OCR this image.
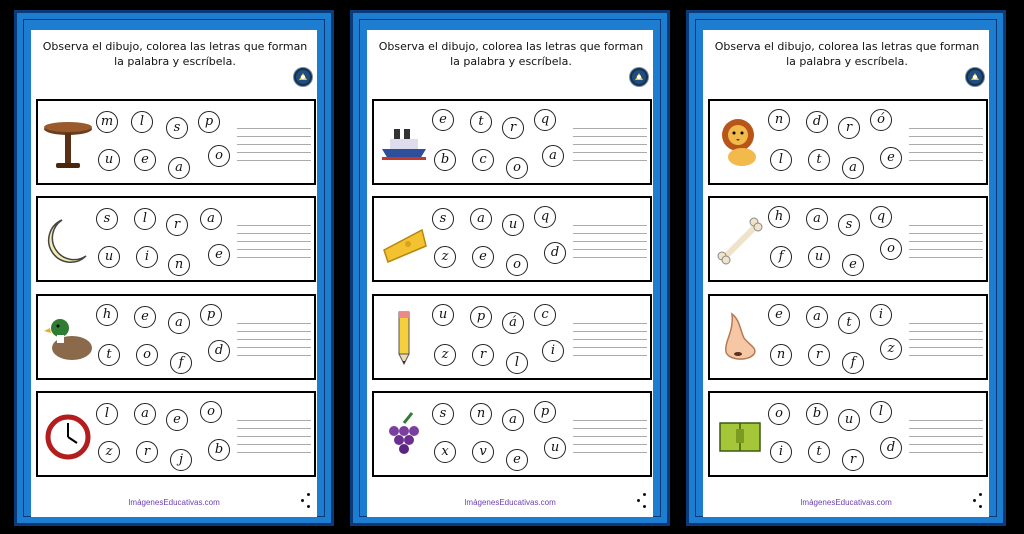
Observa el dibujo, colorea las letras que forman la palabra y escríbela.
m	l	s	p
u	e
a
o
s	l	r	a
u	i
n
e
h	e	a
p
t	o
f
d
l	a	e
o
z	r
j
b
ImágenesEducativas.com
Observa el dibujo, colorea las letras que forman la palabra y escríbela.
e	t	r
q
b	c
o
a
s	a	u
q
z	e
o
d
u	p	á
c
z	r
l
i
s	n	a
p
x	v
e
u
ImágenesEducativas.com
Observa el dibujo, colorea las letras que forman la palabra y escríbela.
n	d	r
ó
l	t
a
e
h	a	s
q
f	u
e
o
e	a	t
i
n	r
f
z
o	b	u
l
i	t
r
d
ImágenesEducativas.com
